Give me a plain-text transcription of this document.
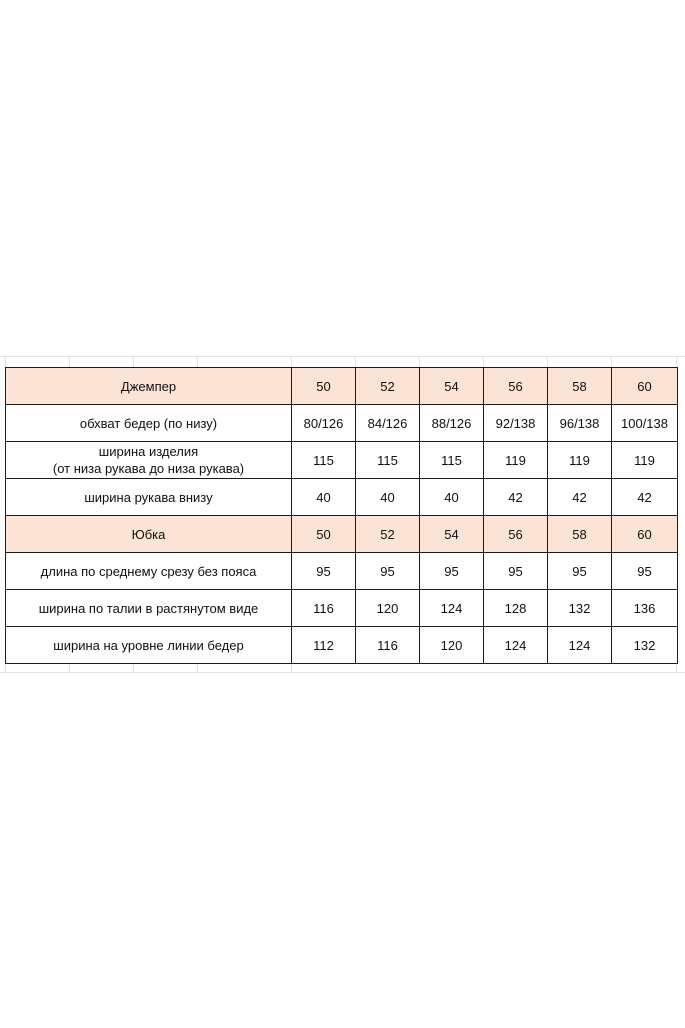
Джемпер	50	52	54	56	58	60
обхват бедер (по низу)	80/126	84/126	88/126	92/138	96/138	100/138

ширина изделия
(от низа рукава до низа рукава)	115	115	115	119	119	119
ширина рукава внизу	40	40	40	42	42	42
Юбка	50	52	54	56	58	60
длина по среднему срезу без пояса	95	95	95	95	95	95
ширина по талии в растянутом виде	116	120	124	128	132	136
ширина на уровне линии бедер	112	116	120	124	124	132
